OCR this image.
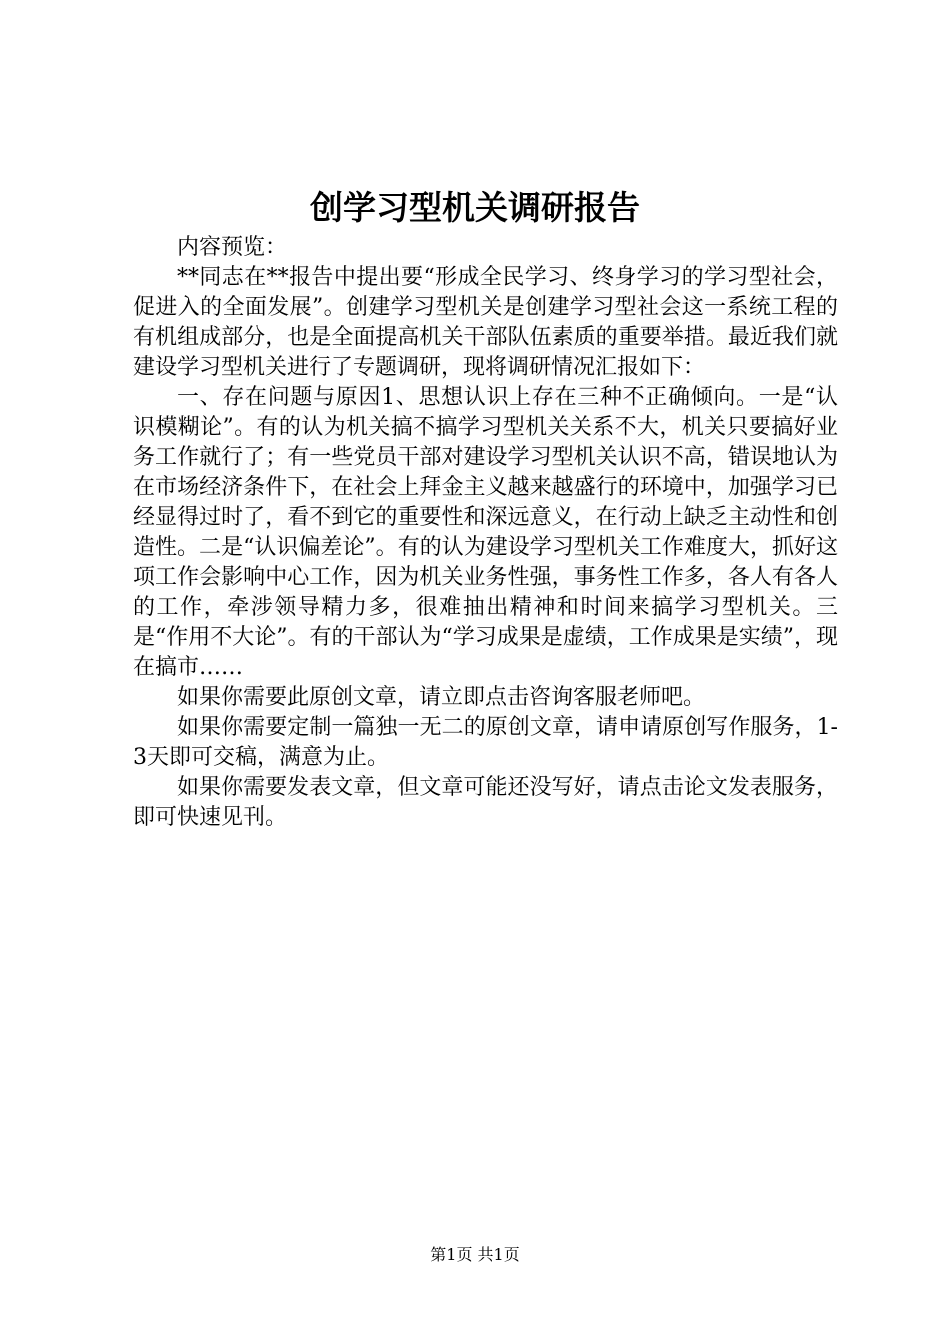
创学习型机关调研报告

内容预览：

**同志在**报告中提出要“形成全民学习、终身学习的学习型社会，促进入的全面发展”。创建学习型机关是创建学习型社会这一系统工程的有机组成部分，也是全面提高机关干部队伍素质的重要举措。最近我们就建设学习型机关进行了专题调研，现将调研情况汇报如下：

一、存在问题与原因1、思想认识上存在三种不正确倾向。一是“认识模糊论”。有的认为机关搞不搞学习型机关关系不大，机关只要搞好业务工作就行了；有一些党员干部对建设学习型机关认识不高，错误地认为在市场经济条件下，在社会上拜金主义越来越盛行的环境中，加强学习已经显得过时了，看不到它的重要性和深远意义，在行动上缺乏主动性和创造性。二是“认识偏差论”。有的认为建设学习型机关工作难度大，抓好这项工作会影响中心工作，因为机关业务性强，事务性工作多，各人有各人的工作，牵涉领导精力多，很难抽出精神和时间来搞学习型机关。三是“作用不大论”。有的干部认为“学习成果是虚绩，工作成果是实绩”，现在搞市……

如果你需要此原创文章，请立即点击咨询客服老师吧。

如果你需要定制一篇独一无二的原创文章，请申请原创写作服务，1-3天即可交稿，满意为止。

如果你需要发表文章，但文章可能还没写好，请点击论文发表服务，即可快速见刊。

第1页 共1页
